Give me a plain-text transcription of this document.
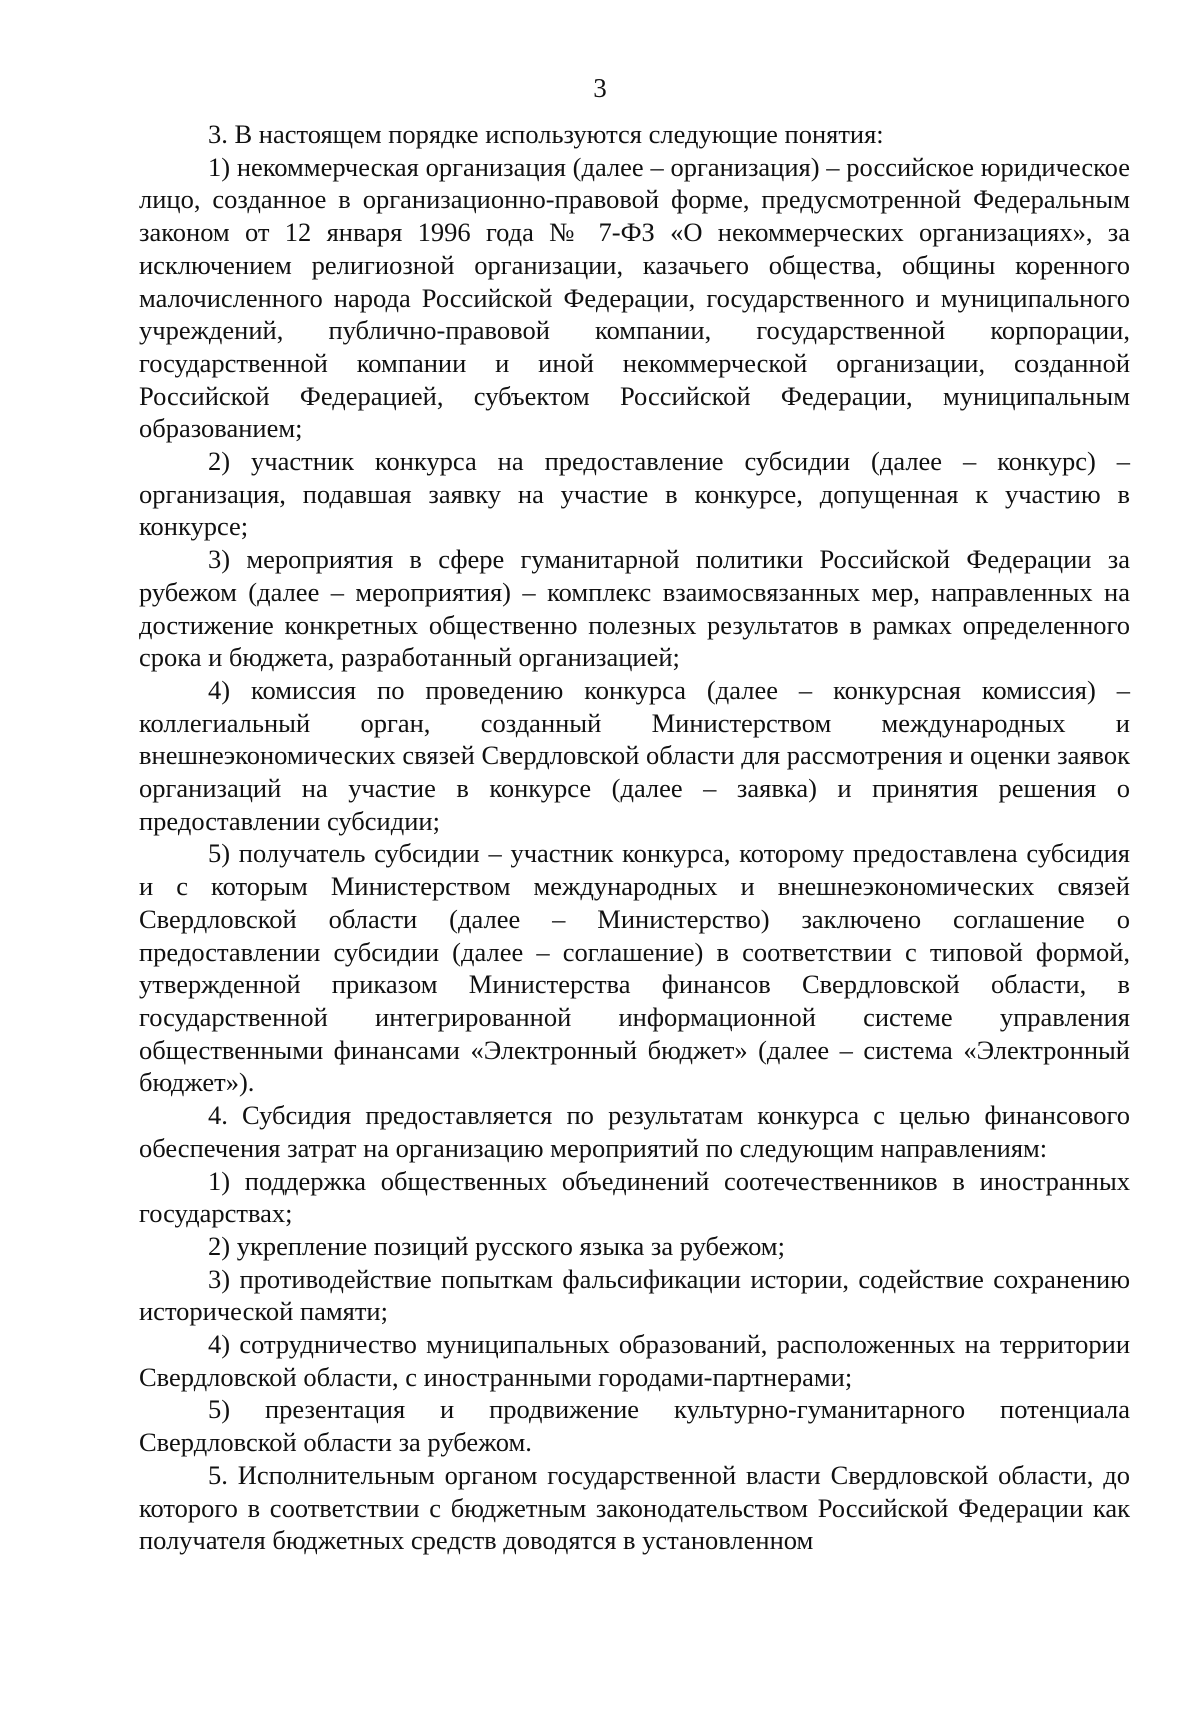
3

3. В настоящем порядке используются следующие понятия:

1) некоммерческая организация (далее – организация) – российское юридическое лицо, созданное в организационно-правовой форме, предусмотренной Федеральным законом от 12 января 1996 года № 7-ФЗ «О некоммерческих организациях», за исключением религиозной организации, казачьего общества, общины коренного малочисленного народа Российской Федерации, государственного и муниципального учреждений, публично-правовой компании, государственной корпорации, государственной компании и иной некоммерческой организации, созданной Российской Федерацией, субъектом Российской Федерации, муниципальным образованием;

2) участник конкурса на предоставление субсидии (далее – конкурс) – организация, подавшая заявку на участие в конкурсе, допущенная к участию в конкурсе;

3) мероприятия в сфере гуманитарной политики Российской Федерации за рубежом (далее – мероприятия) – комплекс взаимосвязанных мер, направленных на достижение конкретных общественно полезных результатов в рамках определенного срока и бюджета, разработанный организацией;

4) комиссия по проведению конкурса (далее – конкурсная комиссия) – коллегиальный орган, созданный Министерством международных и внешнеэкономических связей Свердловской области для рассмотрения и оценки заявок организаций на участие в конкурсе (далее – заявка) и принятия решения о предоставлении субсидии;

5) получатель субсидии – участник конкурса, которому предоставлена субсидия и с которым Министерством международных и внешнеэкономических связей Свердловской области (далее – Министерство) заключено соглашение о предоставлении субсидии (далее – соглашение) в соответствии с типовой формой, утвержденной приказом Министерства финансов Свердловской области, в государственной интегрированной информационной системе управления общественными финансами «Электронный бюджет» (далее – система «Электронный бюджет»).

4. Субсидия предоставляется по результатам конкурса с целью финансового обеспечения затрат на организацию мероприятий по следующим направлениям:

1) поддержка общественных объединений соотечественников в иностранных государствах;

2) укрепление позиций русского языка за рубежом;

3) противодействие попыткам фальсификации истории, содействие сохранению исторической памяти;

4) сотрудничество муниципальных образований, расположенных на территории Свердловской области, с иностранными городами-партнерами;

5) презентация и продвижение культурно-гуманитарного потенциала Свердловской области за рубежом.

5. Исполнительным органом государственной власти Свердловской области, до которого в соответствии с бюджетным законодательством Российской Федерации как получателя бюджетных средств доводятся в установленном
